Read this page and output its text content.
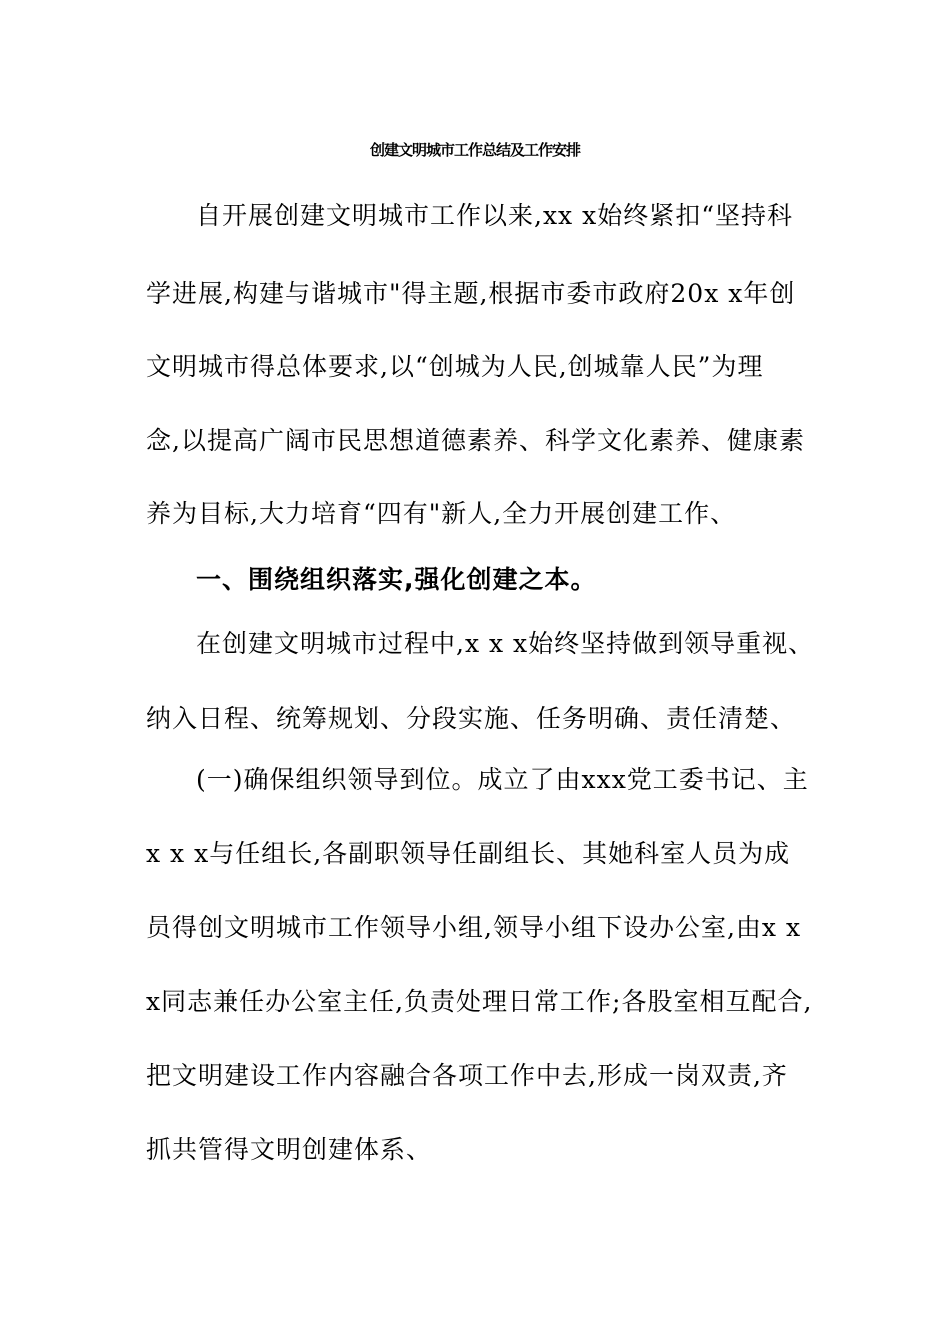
创建文明城市工作总结及工作安排
自开展创建文明城市工作以来,xx x始终紧扣“坚持科
学进展,构建与谐城市"得主题,根据市委市政府20x x年创
文明城市得总体要求,以“创城为人民,创城靠人民”为理
念,以提高广阔市民思想道德素养、科学文化素养、健康素
养为目标,大力培育“四有"新人,全力开展创建工作、
一、围绕组织落实,强化创建之本。
在创建文明城市过程中,x x x始终坚持做到领导重视、
纳入日程、统筹规划、分段实施、任务明确、责任清楚、
(一)确保组织领导到位。成立了由xxx党工委书记、主
x x x与任组长,各副职领导任副组长、其她科室人员为成
员得创文明城市工作领导小组,领导小组下设办公室,由x x
x同志兼任办公室主任,负责处理日常工作;各股室相互配合,
把文明建设工作内容融合各项工作中去,形成一岗双责,齐
抓共管得文明创建体系、
